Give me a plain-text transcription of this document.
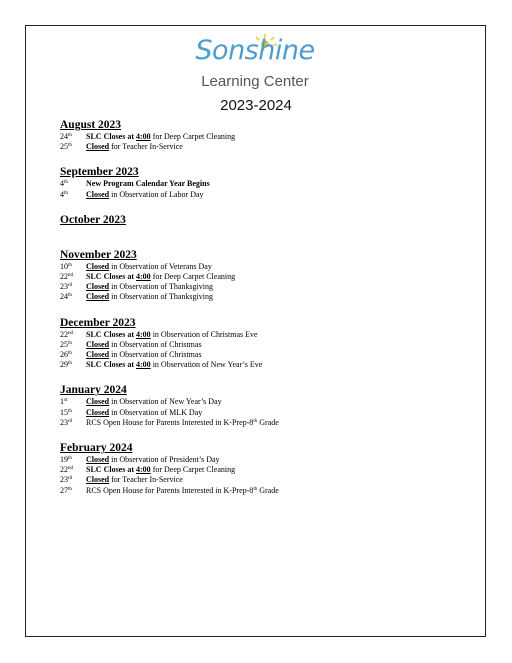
Sonshine
Learning Center
2023-2024
August 2023
24th	SLC Closes at 4:00 for Deep Carpet Cleaning
25th	Closed for Teacher In-Service
September 2023
4th	New Program Calendar Year Begins
4th	Closed in Observation of Labor Day
October 2023
November 2023
10th	Closed in Observation of Veterans Day
22nd	SLC Closes at 4:00 for Deep Carpet Cleaning
23rd	Closed in Observation of Thanksgiving
24th	Closed in Observation of Thanksgiving
December 2023
22nd	SLC Closes at 4:00 in Observation of Christmas Eve
25th	Closed in Observation of Christmas
26th	Closed in Observation of Christmas
29th	SLC Closes at 4:00 in Observation of New Year’s Eve
January 2024
1st	Closed in Observation of New Year’s Day
15th	Closed in Observation of MLK Day
23rd	RCS Open House for Parents Interested in K-Prep-8th Grade
February 2024
19th	Closed in Observation of President’s Day
22nd	SLC Closes at 4:00 for Deep Carpet Cleaning
23rd	Closed for Teacher In-Service
27th	RCS Open House for Parents Interested in K-Prep-8th Grade
